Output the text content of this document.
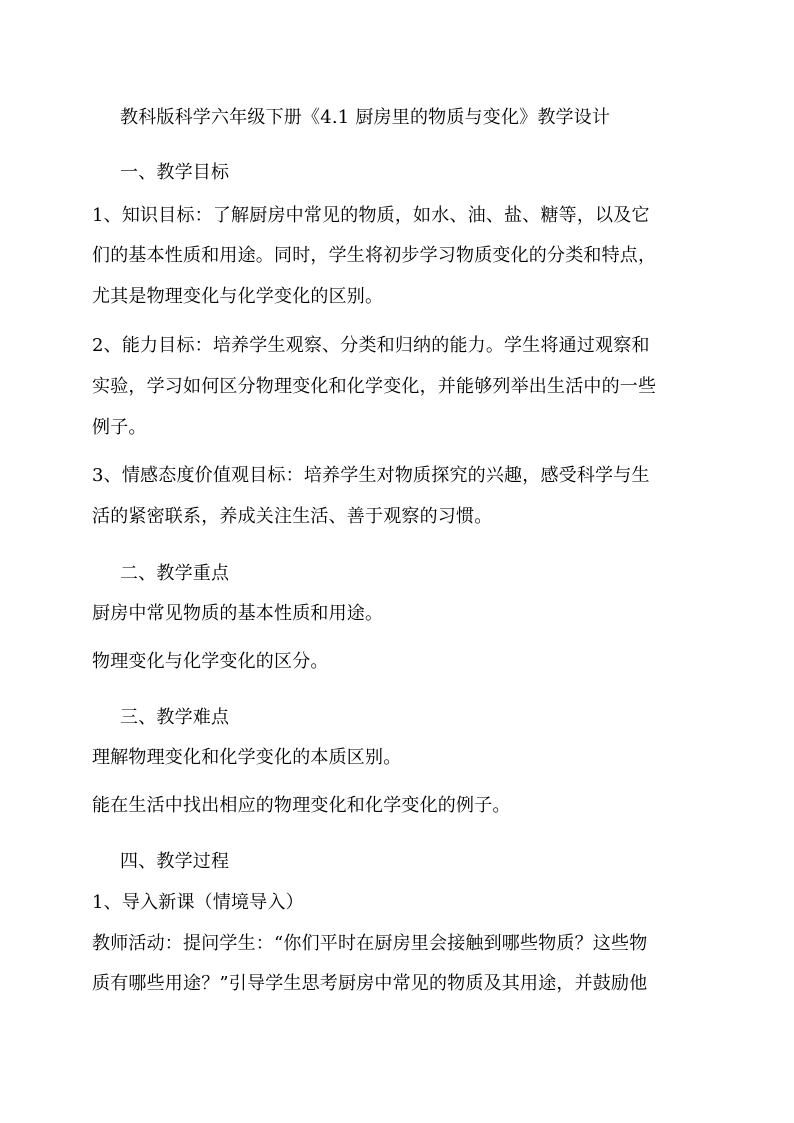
教科版科学六年级下册《4.1 厨房里的物质与变化》教学设计
一、教学目标
1、知识目标：了解厨房中常见的物质，如水、油、盐、糖等，以及它
们的基本性质和用途。同时，学生将初步学习物质变化的分类和特点，
尤其是物理变化与化学变化的区别。
2、能力目标：培养学生观察、分类和归纳的能力。学生将通过观察和
实验，学习如何区分物理变化和化学变化，并能够列举出生活中的一些
例子。
3、情感态度价值观目标：培养学生对物质探究的兴趣，感受科学与生
活的紧密联系，养成关注生活、善于观察的习惯。
二、教学重点
厨房中常见物质的基本性质和用途。
物理变化与化学变化的区分。
三、教学难点
理解物理变化和化学变化的本质区别。
能在生活中找出相应的物理变化和化学变化的例子。
四、教学过程
1、导入新课（情境导入）
教师活动：提问学生：“你们平时在厨房里会接触到哪些物质？这些物
质有哪些用途？”引导学生思考厨房中常见的物质及其用途，并鼓励他
